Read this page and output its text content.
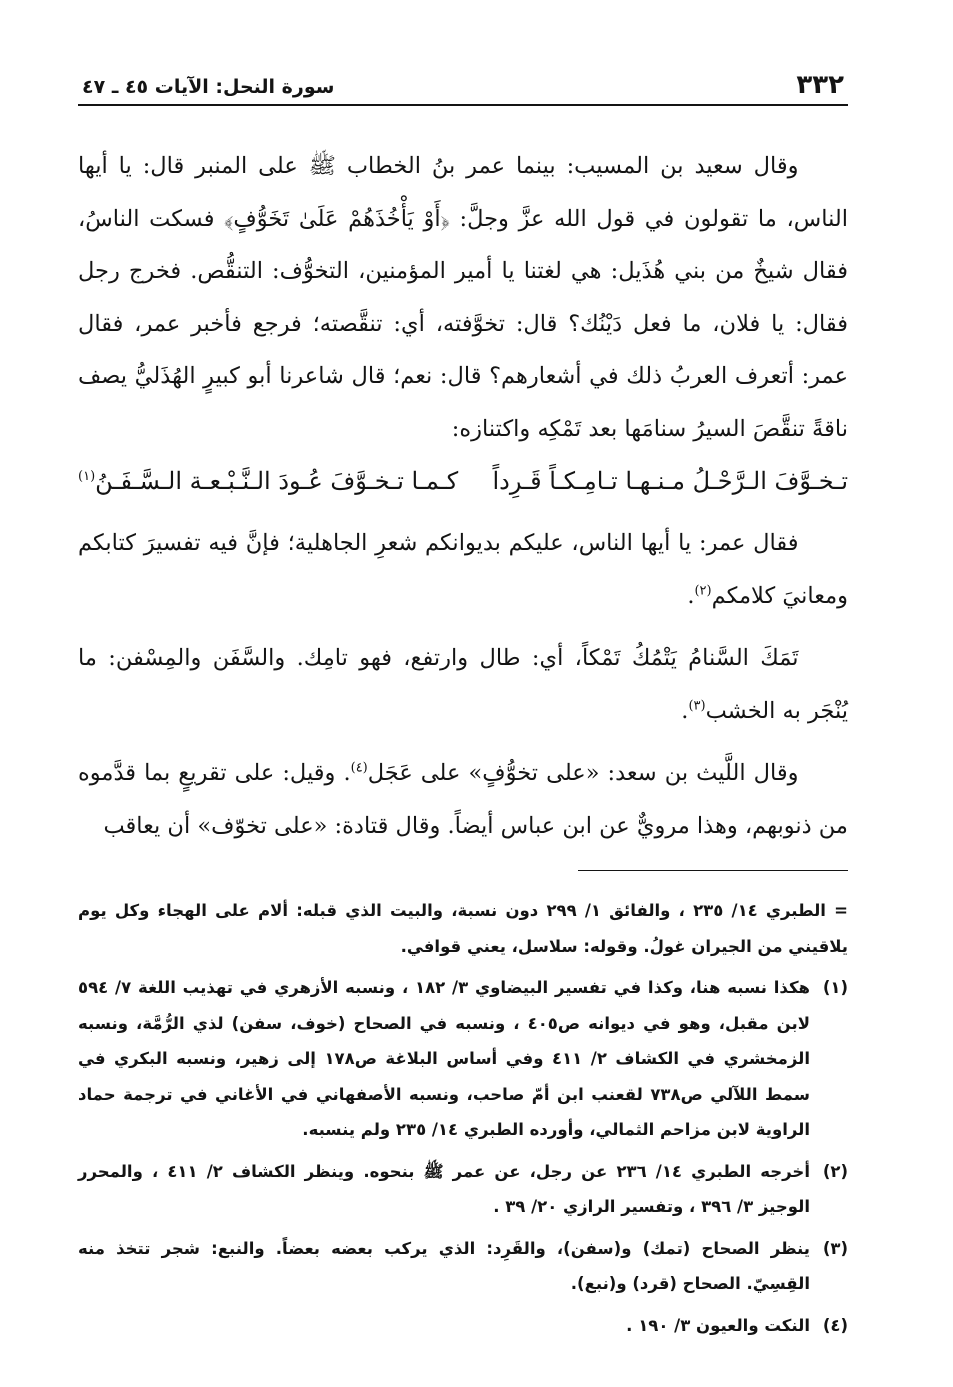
٣٣٢
سورة النحل: الآيات ٤٥ ـ ٤٧

وقال سعيد بن المسيب: بينما عمر بنُ الخطاب ﷺ على المنبر قال: يا أيها الناس، ما تقولون في قول الله عزَّ وجلَّ: ﴿أَوْ يَأْخُذَهُمْ عَلَىٰ تَخَوُّفٍ﴾ فسكت الناسُ، فقال شيخٌ من بني هُذَيل: هي لغتنا يا أمير المؤمنين، التخوُّف: التنقُّص. فخرج رجل فقال: يا فلان، ما فعل دَيْنُك؟ قال: تخوَّفته، أي: تنقَّصته؛ فرجع فأخبر عمر، فقال عمر: أتعرف العربُ ذلك في أشعارهم؟ قال: نعم؛ قال شاعرنا أبو كبيرٍ الهُذَليُّ يصف ناقةً تنقَّصَ السيرُ سنامَها بعد تَمْكِه واكتنازه:

تـخـوَّفَ الـرَّحْـلُ مـنـهـا تـامِـكـاً قَـرِداً
كـمـا تـخـوَّفَ عُـودَ الـنَّـبْـعـة الـسَّـفَـنُ$^{(١)}$

فقال عمر: يا أيها الناس، عليكم بديوانكم شعرِ الجاهلية؛ فإنَّ فيه تفسيرَ كتابكم ومعانيَ كلامكم$^{(٢)}$.

تَمَكَ السَّنامُ يَتْمُكُ تَمْكاً، أي: طال وارتفع، فهو تامِك. والسَّفَن والمِسْفن: ما يُنْجَر به الخشب$^{(٣)}$.

وقال اللَّيث بن سعد: «على تخوُّفٍ» على عَجَل$^{(٤)}$. وقيل: على تقريعٍ بما قدَّموه من ذنوبهم، وهذا مرويٌّ عن ابن عباس أيضاً. وقال قتادة: «على تخوّف» أن يعاقب

= الطبري ١٤/ ٢٣٥ ، والفائق ١/ ٢٩٩ دون نسبة، والبيت الذي قبله: ألام على الهجاء وكل يوم يلاقيني من الجيران غولُ. وقوله: سلاسل، يعني قوافي.
(١)
هكذا نسبه هنا، وكذا في تفسير البيضاوي ٣/ ١٨٢ ، ونسبه الأزهري في تهذيب اللغة ٧/ ٥٩٤ لابن مقبل، وهو في ديوانه ص٤٠٥ ، ونسبه في الصحاح (خوف، سفن) لذي الرُّمَّة، ونسبه الزمخشري في الكشاف ٢/ ٤١١ وفي أساس البلاغة ص١٧٨ إلى زهير، ونسبه البكري في سمط اللآلي ص٧٣٨ لقعنب ابن أمّ صاحب، ونسبه الأصفهاني في الأغاني في ترجمة حماد الراوية لابن مزاحم الثمالي، وأورده الطبري ١٤/ ٢٣٥ ولم ينسبه.
(٢)
أخرجه الطبري ١٤/ ٢٣٦ عن رجل، عن عمر ﷺ بنحوه. وينظر الكشاف ٢/ ٤١١ ، والمحرر الوجيز ٣/ ٣٩٦ ، وتفسير الرازي ٢٠/ ٣٩ .
(٣)
ينظر الصحاح (تمك) و(سفن)، والقَرِد: الذي يركب بعضه بعضاً. والنبع: شجر تتخذ منه القِسِيّ. الصحاح (قرد) و(نبع).
(٤)
النكت والعيون ٣/ ١٩٠ .
